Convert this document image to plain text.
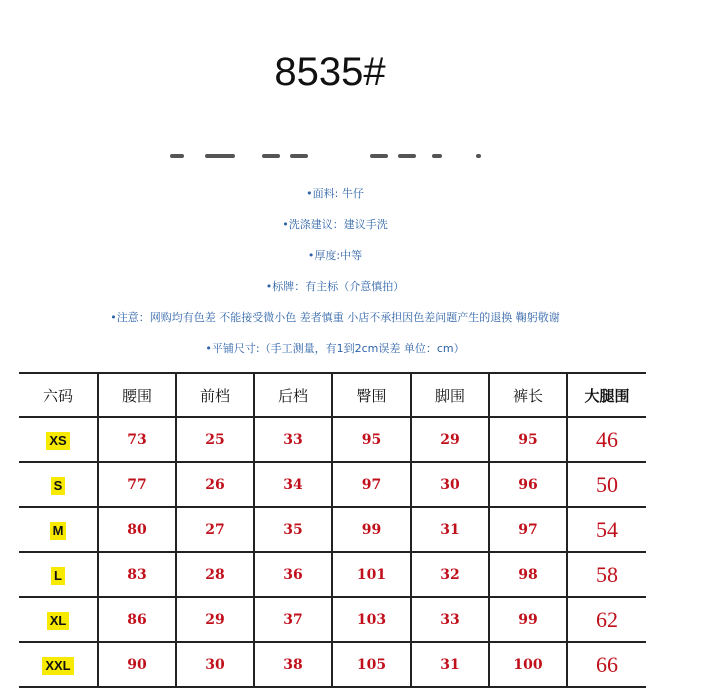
8535#
•面料: 牛仔
•洗涤建议：建议手洗
•厚度:中等
•标牌：有主标（介意慎拍）
•注意：网购均有色差 不能接受微小色 差者慎重 小店不承担因色差问题产生的退换 鞠躬敬谢
•平铺尺寸:（手工测量，有1到2cm误差 单位：cm）
六码	腰围	前档	后档	臀围	脚围	裤长	大腿围
XS	73	25	33	95	29	95	46
S	77	26	34	97	30	96	50
M	80	27	35	99	31	97	54
L	83	28	36	101	32	98	58
XL	86	29	37	103	33	99	62
XXL	90	30	38	105	31	100	66
